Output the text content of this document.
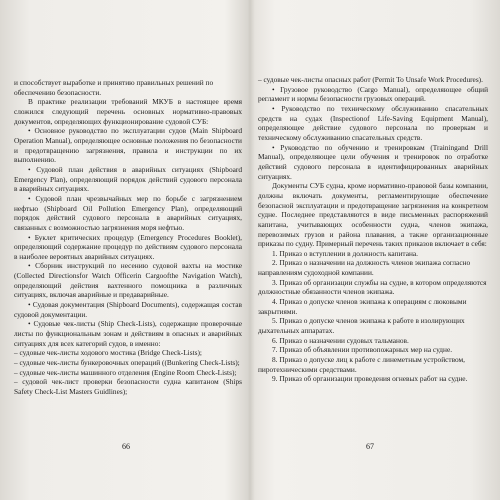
и способствует выработке и принятию правильных решений по обеспечению безопасности.

В практике реализации требований МКУБ в настоящее время сложился следующий перечень основных нормативно-правовых документов, определяющих функционирование судовой СУБ:

• Основное руководство по эксплуатации судов (Main Shipboard Operation Manual), определяющее основные положения по безопасности и предотвращению загрязнения, правила и инструкции по их выполнению.

• Судовой план действия в аварийных ситуациях (Shipboard Emergency Plan), определяющий порядок действий судового персонала в аварийных ситуациях.

• Судовой план чрезвычайных мер по борьбе с загрязнением нефтью (Shipboard Oil Pollution Emergency Plan), определяющий порядок действий судового персонала в аварийных ситуациях, связанных с возможностью загрязнения моря нефтью.

• Буклет критических процедур (Emergency Procedures Booklet), определяющий содержание процедур по действиям судового персонала в наиболее вероятных аварийных ситуациях.

• Сборник инструкций по несению судовой вахты на мостике (Collected Directionsfor Watch Officerin Cargoofthe Navigation Watch), определяющий действия вахтенного помощника в различных ситуациях, включая аварийные и предаварийные.

• Судовая документация (Shipboard Documents), содержащая состав судовой документации.

• Судовые чек-листы (Ship Check-Lists), содержащие проверочные листы по функциональным зонам и действиям в опасных и аварийных ситуациях для всех категорий судов, в именно:

– судовые чек-листы ходового мостика (Bridge Check-Lists);

– судовые чек-листы бункеровочных операций ((Bunkering Check-Lists);

– судовые чек-листы машинного отделения (Engine Room Check-Lists);

– судовой чек-лист проверки безопасности судна капитаном (Ships Safety Check-List Masters Guidlines);

66

– судовые чек-листы опасных работ (Permit To Unsafe Work Procedures).

• Грузовое руководство (Cargo Manual), определяющее общий регламент и нормы безопасности грузовых операций.

• Руководство по техническому обслуживанию спасательных средств на судах (Inspectionof Life-Saving Equipment Manual), определяющее действие судового персонала по проверкам и техническому обслуживанию спасательных средств.

• Руководство по обучению и тренировкам (Trainingand Drill Manual), определяющее цели обучения и тренировок по отработке действий судового персонала в идентифицированных аварийных ситуациях.

Документы СУБ судна, кроме нормативно-правовой базы компании, должны включать документы, регламентирующие обеспечение безопасной эксплуатации и предотвращение загрязнения на конкретном судне. Последнее представляются в виде письменных распоряжений капитана, учитывающих особенности судна, членов экипажа, перевозимых грузов и района плавания, а также организационные приказы по судну. Примерный перечень таких приказов включает в себя:

1. Приказ о вступлении в должность капитана.

2. Приказ о назначении на должность членов экипажа согласно направлениям судоходной компании.

3. Приказ об организации службы на судне, в котором определяются должностные обязанности членов экипажа.

4. Приказ о допуске членов экипажа к операциям с люковыми закрытиями.

5. Приказ о допуске членов экипажа к работе в изолирующих дыхательных аппаратах.

6. Приказ о назначении судовых тальманов.

7. Приказ об объявлении противопожарных мер на судне.

8. Приказ о допуске лиц к работе с линеметным устройством, пиротехническими средствами.

9. Приказ об организации проведения огневых работ на судне.

67
